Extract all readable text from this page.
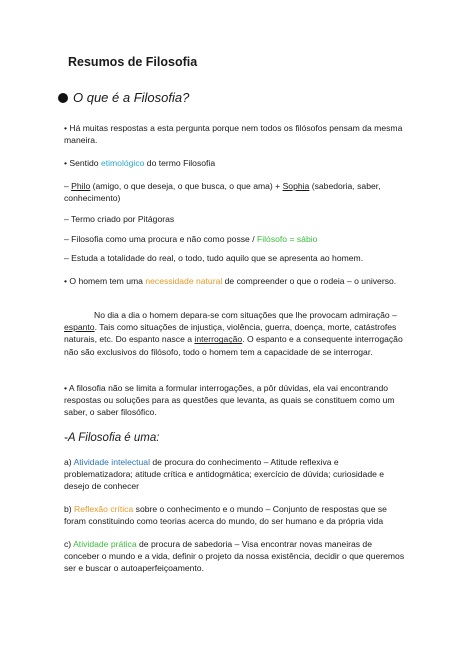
Resumos de Filosofia
O que é a Filosofia?
• Há muitas respostas a esta pergunta porque nem todos os filósofos pensam da mesma maneira.
• Sentido etimológico do termo Filosofia
– Philo (amigo, o que deseja, o que busca, o que ama) + Sophia (sabedoria, saber, conhecimento)
– Termo criado por Pitágoras
– Filosofia como uma procura e não como posse / Filósofo = sábio
– Estuda a totalidade do real, o todo, tudo aquilo que se apresenta ao homem.
• O homem tem uma necessidade natural de compreender o que o rodeia – o universo.
No dia a dia o homem depara-se com situações que lhe provocam admiração – espanto. Tais como situações de injustiça, violência, guerra, doença, morte, catástrofes naturais, etc. Do espanto nasce a interrogação. O espanto e a consequente interrogação não são exclusivos do filósofo, todo o homem tem a capacidade de se interrogar.
• A filosofia não se limita a formular interrogações, a pôr dúvidas, ela vai encontrando respostas ou soluções para as questões que levanta, as quais se constituem como um saber, o saber filosófico.
-A Filosofia é uma:
a) Atividade intelectual de procura do conhecimento – Atitude reflexiva e problematizadora; atitude crítica e antidogmática; exercício de dúvida; curiosidade e desejo de conhecer
b) Reflexão crítica sobre o conhecimento e o mundo – Conjunto de respostas que se foram constituindo como teorias acerca do mundo, do ser humano e da própria vida
c) Atividade prática de procura de sabedoria – Visa encontrar novas maneiras de conceber o mundo e a vida, definir o projeto da nossa existência, decidir o que queremos ser e buscar o autoaperfeiçoamento.
